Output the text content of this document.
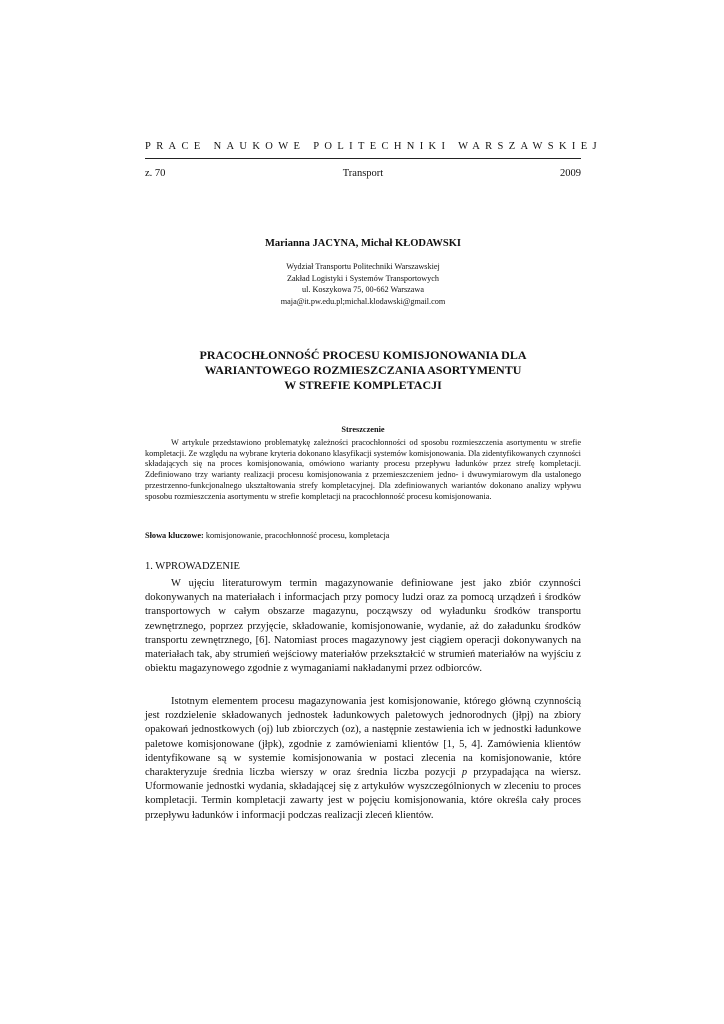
PRACE NAUKOWE POLITECHNIKI WARSZAWSKIEJ
z. 70	Transport	2009
Marianna JACYNA, Michał KŁODAWSKI
Wydział Transportu Politechniki Warszawskiej
Zakład Logistyki i Systemów Transportowych
ul. Koszykowa 75, 00-662 Warszawa
maja@it.pw.edu.pl;michal.klodawski@gmail.com
PRACOCHŁONNOŚĆ PROCESU KOMISJONOWANIA DLA
WARIANTOWEGO ROZMIESZCZANIA ASORTYMENTU
W STREFIE KOMPLETACJI
Streszczenie
W artykule przedstawiono problematykę zależności pracochłonności od sposobu rozmieszczenia asortymentu w strefie kompletacji. Ze względu na wybrane kryteria dokonano klasyfikacji systemów komisjonowania. Dla zidentyfikowanych czynności składających się na proces komisjonowania, omówiono warianty procesu przepływu ładunków przez strefę kompletacji. Zdefiniowano trzy warianty realizacji procesu komisjonowania z przemieszczeniem jedno- i dwuwymiarowym dla ustalonego przestrzenno-funkcjonalnego ukształtowania strefy kompletacyjnej. Dla zdefiniowanych wariantów dokonano analizy wpływu sposobu rozmieszczenia asortymentu w strefie kompletacji na pracochłonność procesu komisjonowania.
Słowa kluczowe: komisjonowanie, pracochłonność procesu, kompletacja
1. WPROWADZENIE

W ujęciu literaturowym termin magazynowanie definiowane jest jako zbiór czynności dokonywanych na materiałach i informacjach przy pomocy ludzi oraz za pomocą urządzeń i środków transportowych w całym obszarze magazynu, począwszy od wyładunku środków transportu zewnętrznego, poprzez przyjęcie, składowanie, komisjonowanie, wydanie, aż do załadunku środków transportu zewnętrznego, [6]. Natomiast proces magazynowy jest ciągiem operacji dokonywanych na materiałach tak, aby strumień wejściowy materiałów przekształcić w strumień materiałów na wyjściu z obiektu magazynowego zgodnie z wymaganiami nakładanymi przez odbiorców.

Istotnym elementem procesu magazynowania jest komisjonowanie, którego główną czynnością jest rozdzielenie składowanych jednostek ładunkowych paletowych jednorodnych (jłpj) na zbiory opakowań jednostkowych (oj) lub zbiorczych (oz), a następnie zestawienia ich w jednostki ładunkowe paletowe komisjonowane (jłpk), zgodnie z zamówieniami klientów [1, 5, 4]. Zamówienia klientów identyfikowane są w systemie komisjonowania w postaci zlecenia na komisjonowanie, które charakteryzuje średnia liczba wierszy w oraz średnia liczba pozycji p przypadająca na wiersz. Uformowanie jednostki wydania, składającej się z artykułów wyszczególnionych w zleceniu to proces kompletacji. Termin kompletacji zawarty jest w pojęciu komisjonowania, które określa cały proces przepływu ładunków i informacji podczas realizacji zleceń klientów.
